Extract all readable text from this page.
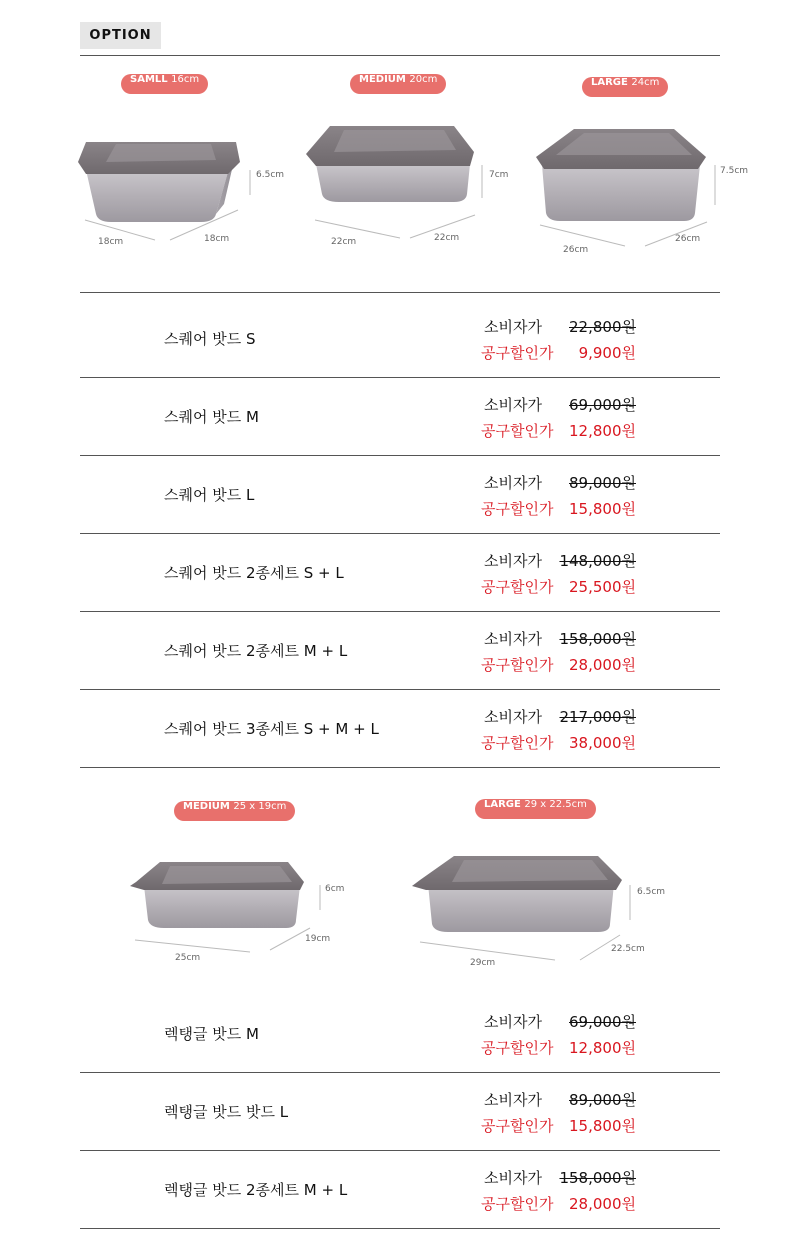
OPTION
SAMLL 16cm	MEDIUM 20cm	LARGE 24cm
6.5cm
18cm	18cm
7cm
22cm	22cm
7.5cm
26cm
26cm
스퀘어 밧드 S
소비자가 22,800원
공구할인가 9,900원
스퀘어 밧드 M
소비자가 69,000원
공구할인가 12,800원
스퀘어 밧드 L
소비자가 89,000원
공구할인가 15,800원
스퀘어 밧드 2종세트 S + L
소비자가 148,000원
공구할인가 25,500원
스퀘어 밧드 2종세트 M + L
소비자가 158,000원
공구할인가 28,000원
스퀘어 밧드 3종세트 S + M + L
소비자가 217,000원
공구할인가 38,000원
MEDIUM 25 x 19cm	LARGE 29 x 22.5cm
6cm
25cm
19cm
6.5cm
29cm
22.5cm
렉탱글 밧드 M
소비자가 69,000원
공구할인가 12,800원
렉탱글 밧드 밧드 L
소비자가 89,000원
공구할인가 15,800원
렉탱글 밧드 2종세트 M + L
소비자가 158,000원
공구할인가 28,000원
